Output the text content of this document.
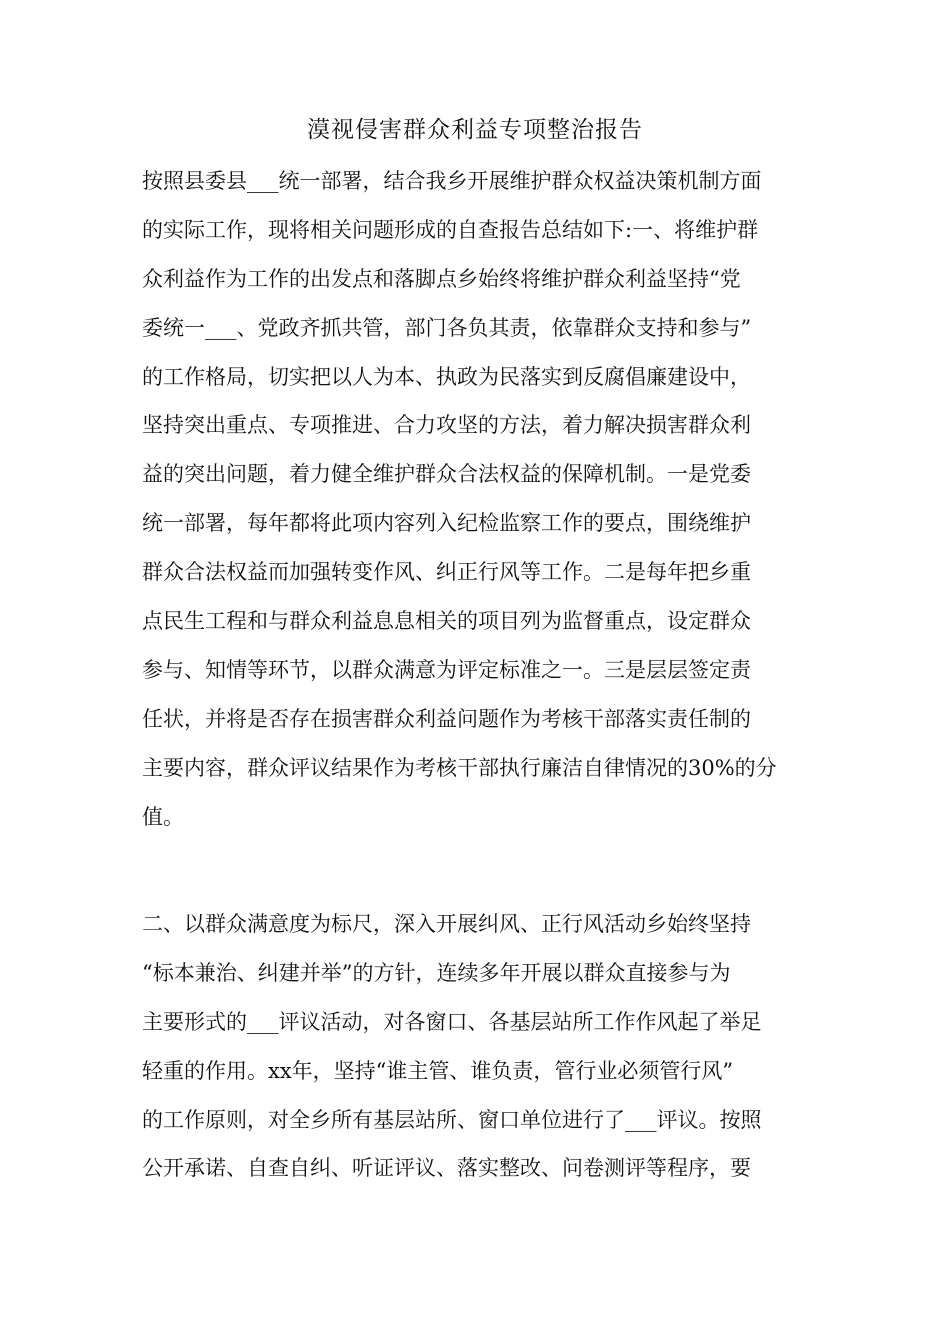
漠视侵害群众利益专项整治报告
按照县委县___统一部署，结合我乡开展维护群众权益决策机制方面
的实际工作，现将相关问题形成的自查报告总结如下:一、将维护群
众利益作为工作的出发点和落脚点乡始终将维护群众利益坚持“党
委统一___、党政齐抓共管，部门各负其责，依靠群众支持和参与”
的工作格局，切实把以人为本、执政为民落实到反腐倡廉建设中，
坚持突出重点、专项推进、合力攻坚的方法，着力解决损害群众利
益的突出问题，着力健全维护群众合法权益的保障机制。一是党委
统一部署，每年都将此项内容列入纪检监察工作的要点，围绕维护
群众合法权益而加强转变作风、纠正行风等工作。二是每年把乡重
点民生工程和与群众利益息息相关的项目列为监督重点，设定群众
参与、知情等环节，以群众满意为评定标准之一。三是层层签定责
任状，并将是否存在损害群众利益问题作为考核干部落实责任制的
主要内容，群众评议结果作为考核干部执行廉洁自律情况的30%的分
值。
二、以群众满意度为标尺，深入开展纠风、正行风活动乡始终坚持
“标本兼治、纠建并举”的方针，连续多年开展以群众直接参与为
主要形式的___评议活动，对各窗口、各基层站所工作作风起了举足
轻重的作用。xx年，坚持“谁主管、谁负责，管行业必须管行风”
的工作原则，对全乡所有基层站所、窗口单位进行了___评议。按照
公开承诺、自查自纠、听证评议、落实整改、问卷测评等程序，要
